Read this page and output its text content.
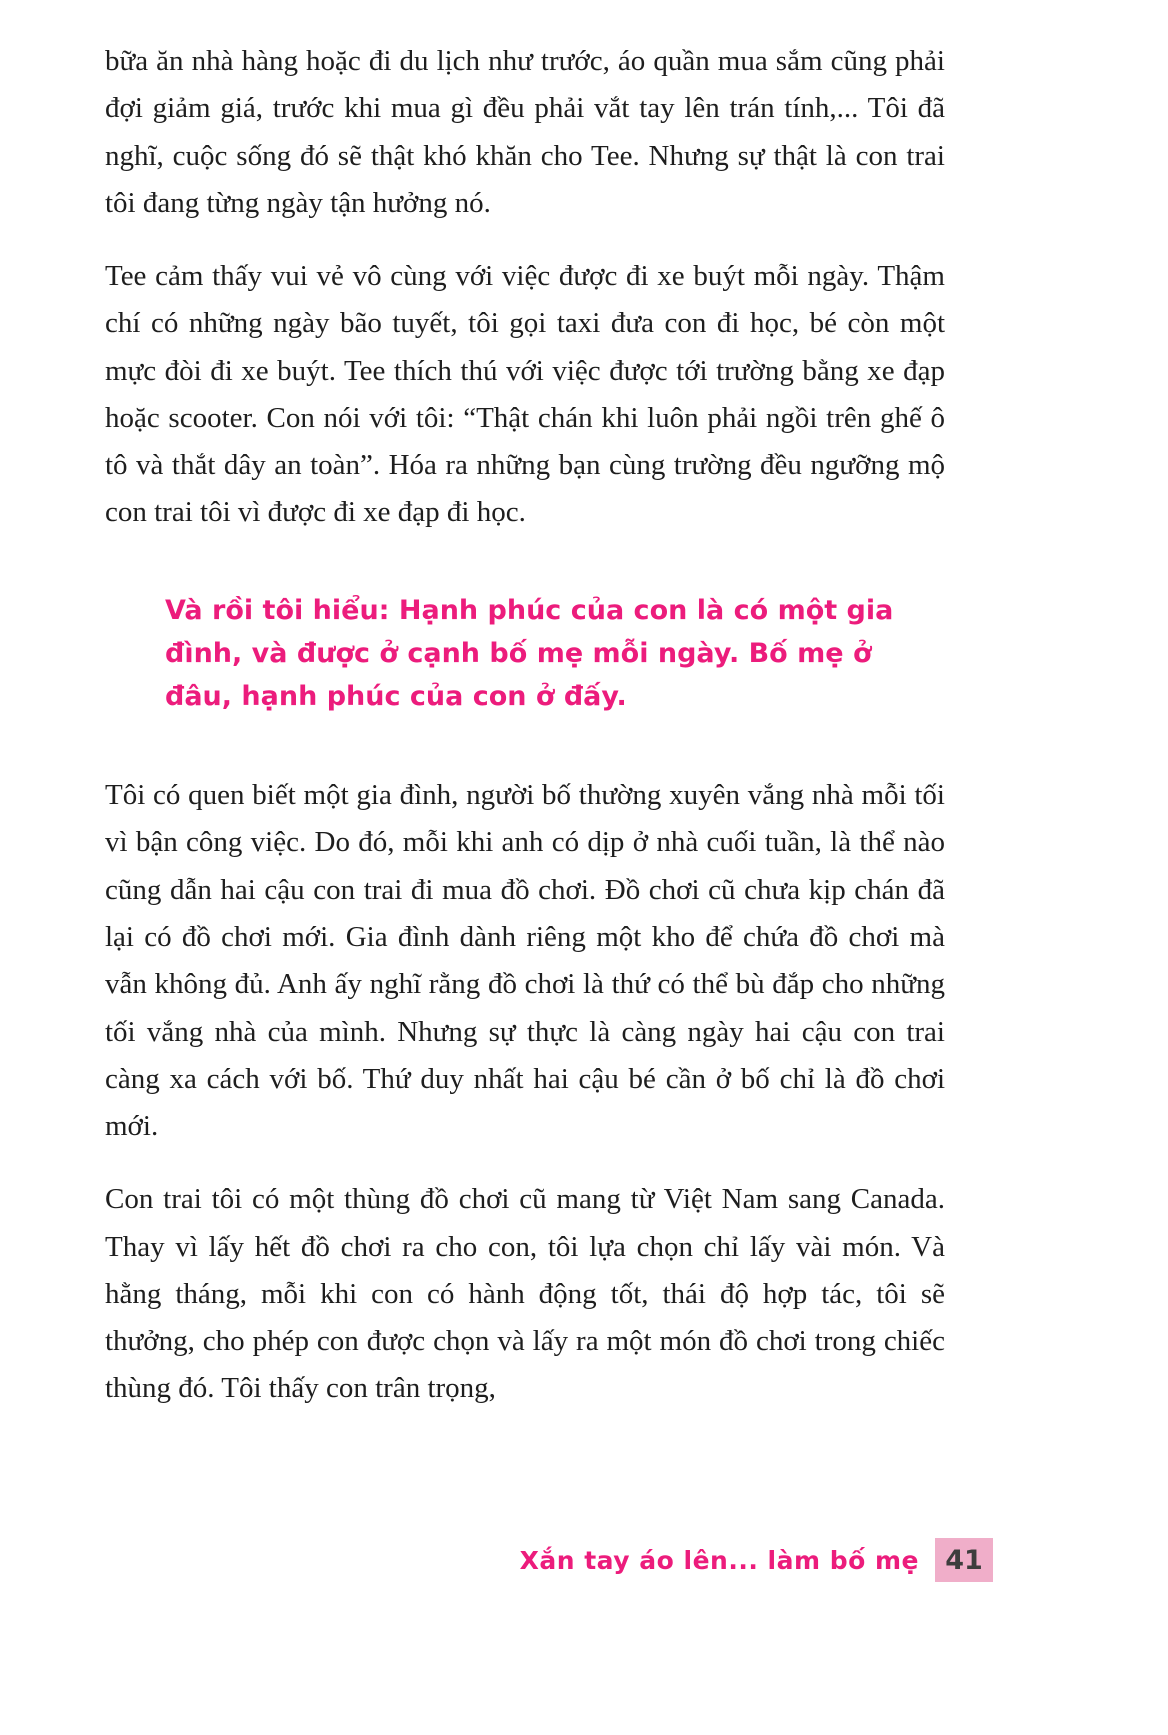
bữa ăn nhà hàng hoặc đi du lịch như trước, áo quần mua sắm cũng phải đợi giảm giá, trước khi mua gì đều phải vắt tay lên trán tính,... Tôi đã nghĩ, cuộc sống đó sẽ thật khó khăn cho Tee. Nhưng sự thật là con trai tôi đang từng ngày tận hưởng nó.

Tee cảm thấy vui vẻ vô cùng với việc được đi xe buýt mỗi ngày. Thậm chí có những ngày bão tuyết, tôi gọi taxi đưa con đi học, bé còn một mực đòi đi xe buýt. Tee thích thú với việc được tới trường bằng xe đạp hoặc scooter. Con nói với tôi: “Thật chán khi luôn phải ngồi trên ghế ô tô và thắt dây an toàn”. Hóa ra những bạn cùng trường đều ngưỡng mộ con trai tôi vì được đi xe đạp đi học.

Và rồi tôi hiểu: Hạnh phúc của con là có một gia đình, và được ở cạnh bố mẹ mỗi ngày. Bố mẹ ở đâu, hạnh phúc của con ở đấy.

Tôi có quen biết một gia đình, người bố thường xuyên vắng nhà mỗi tối vì bận công việc. Do đó, mỗi khi anh có dịp ở nhà cuối tuần, là thể nào cũng dẫn hai cậu con trai đi mua đồ chơi. Đồ chơi cũ chưa kịp chán đã lại có đồ chơi mới. Gia đình dành riêng một kho để chứa đồ chơi mà vẫn không đủ. Anh ấy nghĩ rằng đồ chơi là thứ có thể bù đắp cho những tối vắng nhà của mình. Nhưng sự thực là càng ngày hai cậu con trai càng xa cách với bố. Thứ duy nhất hai cậu bé cần ở bố chỉ là đồ chơi mới.

Con trai tôi có một thùng đồ chơi cũ mang từ Việt Nam sang Canada. Thay vì lấy hết đồ chơi ra cho con, tôi lựa chọn chỉ lấy vài món. Và hằng tháng, mỗi khi con có hành động tốt, thái độ hợp tác, tôi sẽ thưởng, cho phép con được chọn và lấy ra một món đồ chơi trong chiếc thùng đó. Tôi thấy con trân trọng,

Xắn tay áo lên... làm bố mẹ 41
